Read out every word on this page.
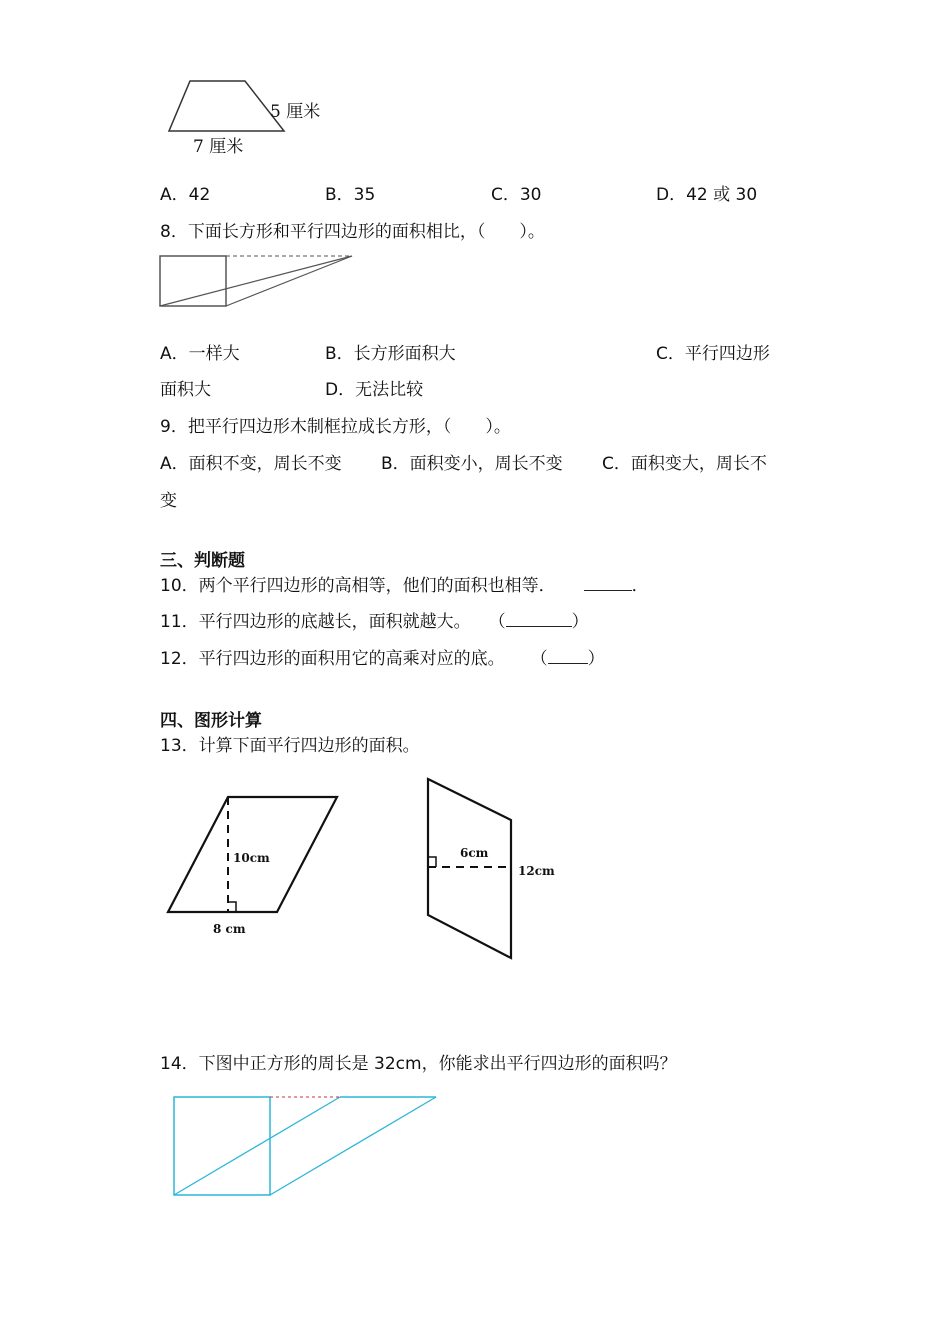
5 厘米
7 厘米
A．42	B．35	C．30	D．42 或 30
8．下面长方形和平行四边形的面积相比，（　　）。
A．一样大	B．长方形面积大	C．平行四边形
面积大	D．无法比较
9．把平行四边形木制框拉成长方形，（　　）。
A．面积不变，周长不变 B．面积变小，周长不变 C．面积变大，周长不
变
三、判断题
10．两个平行四边形的高相等，他们的面积也相等．	．
11．平行四边形的底越长，面积就越大。 （	）
12．平行四边形的面积用它的高乘对应的底。 （ ）
四、图形计算
13．计算下面平行四边形的面积。
10cm
8 cm
6cm
12cm
14．下图中正方形的周长是 32cm，你能求出平行四边形的面积吗？
